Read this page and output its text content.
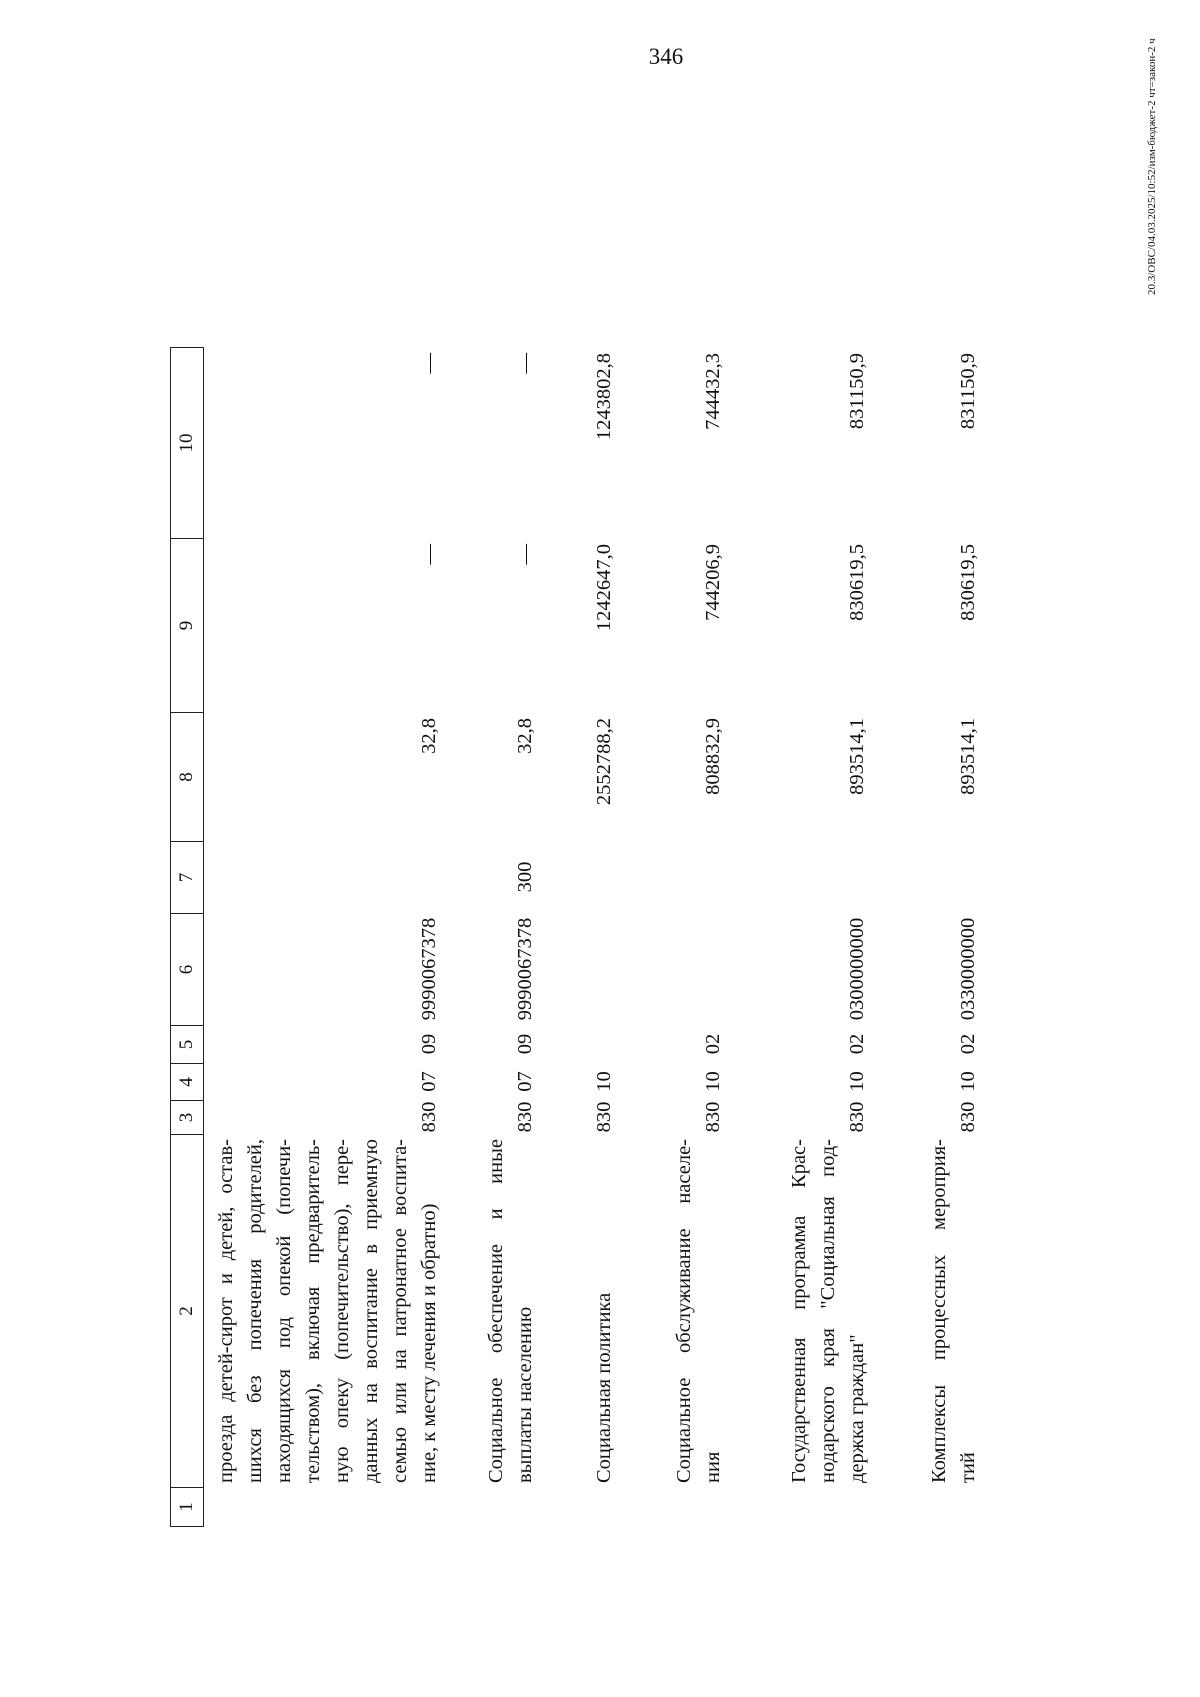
346	20.3/ОВС/04.03.2025/10:52/изм-бюджет-2 чт=закон-2 ч
1
2
3
4
5
6
7
8
9
10
проезда детей-сирот и детей, остав- шихся без попечения родителей, находящихся под опекой (попечи- тельством), включая предваритель- ную опеку (попечительство), пере- данных на воспитание в приемную семью или на патронатное воспита- ние, к месту лечения и обратно)
830
07
09
9990067378
32,8
—
—
Социальное обеспечение и иные выплаты населению
830
07
09
9990067378
300
32,8
—
—
Социальная политика
830
10
2552788,2
1242647,0
1243802,8
Социальное обслуживание населе- ния
830
10
02
808832,9
744206,9
744432,3
Государственная программа Крас- нодарского края "Социальная под- держка граждан"
830
10
02
0300000000
893514,1
830619,5
831150,9
Комплексы процессных мероприя- тий
830
10
02
0330000000
893514,1
830619,5
831150,9
